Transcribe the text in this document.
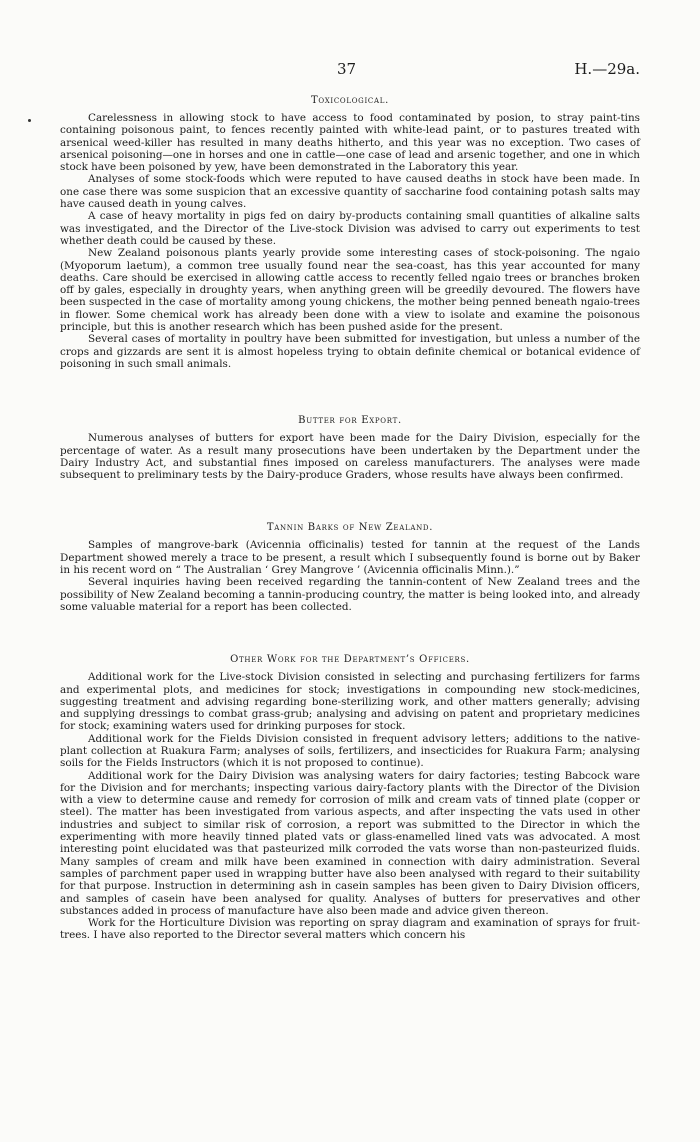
37	H.—29a.
Toxicological.

Carelessness in allowing stock to have access to food contaminated by posion, to stray paint-tins containing poisonous paint, to fences recently painted with white-lead paint, or to pastures treated with arsenical weed-killer has resulted in many deaths hitherto, and this year was no exception. Two cases of arsenical poisoning—one in horses and one in cattle—one case of lead and arsenic together, and one in which stock have been poisoned by yew, have been demonstrated in the Laboratory this year.

Analyses of some stock-foods which were reputed to have caused deaths in stock have been made. In one case there was some suspicion that an excessive quantity of saccharine food containing potash salts may have caused death in young calves.

A case of heavy mortality in pigs fed on dairy by-products containing small quantities of alkaline salts was investigated, and the Director of the Live-stock Division was advised to carry out experiments to test whether death could be caused by these.

New Zealand poisonous plants yearly provide some interesting cases of stock-poisoning. The ngaio (Myoporum laetum), a common tree usually found near the sea-coast, has this year accounted for many deaths. Care should be exercised in allowing cattle access to recently felled ngaio trees or branches broken off by gales, especially in droughty years, when anything green will be greedily devoured. The flowers have been suspected in the case of mortality among young chickens, the mother being penned beneath ngaio-trees in flower. Some chemical work has already been done with a view to isolate and examine the poisonous principle, but this is another research which has been pushed aside for the present.

Several cases of mortality in poultry have been submitted for investigation, but unless a number of the crops and gizzards are sent it is almost hopeless trying to obtain definite chemical or botanical evidence of poisoning in such small animals.

Butter for Export.

Numerous analyses of butters for export have been made for the Dairy Division, especially for the percentage of water. As a result many prosecutions have been undertaken by the Department under the Dairy Industry Act, and substantial fines imposed on careless manufacturers. The analyses were made subsequent to preliminary tests by the Dairy-produce Graders, whose results have always been confirmed.

Tannin Barks of New Zealand.

Samples of mangrove-bark (Avicennia officinalis) tested for tannin at the request of the Lands Department showed merely a trace to be present, a result which I subsequently found is borne out by Baker in his recent word on “ The Australian ‘ Grey Mangrove ’ (Avicennia officinalis Minn.).”

Several inquiries having been received regarding the tannin-content of New Zealand trees and the possibility of New Zealand becoming a tannin-producing country, the matter is being looked into, and already some valuable material for a report has been collected.

Other Work for the Department’s Officers.

Additional work for the Live-stock Division consisted in selecting and purchasing fertilizers for farms and experimental plots, and medicines for stock; investigations in compounding new stock-medicines, suggesting treatment and advising regarding bone-sterilizing work, and other matters generally; advising and supplying dressings to combat grass-grub; analysing and advising on patent and proprietary medicines for stock; examining waters used for drinking purposes for stock.

Additional work for the Fields Division consisted in frequent advisory letters; additions to the native-plant collection at Ruakura Farm; analyses of soils, fertilizers, and insecticides for Ruakura Farm; analysing soils for the Fields Instructors (which it is not proposed to continue).

Additional work for the Dairy Division was analysing waters for dairy factories; testing Babcock ware for the Division and for merchants; inspecting various dairy-factory plants with the Director of the Division with a view to determine cause and remedy for corrosion of milk and cream vats of tinned plate (copper or steel). The matter has been investigated from various aspects, and after inspecting the vats used in other industries and subject to similar risk of corrosion, a report was submitted to the Director in which the experimenting with more heavily tinned plated vats or glass-enamelled lined vats was advocated. A most interesting point elucidated was that pasteurized milk corroded the vats worse than non-pasteurized fluids. Many samples of cream and milk have been examined in connection with dairy administration. Several samples of parchment paper used in wrapping butter have also been analysed with regard to their suitability for that purpose. Instruction in determining ash in casein samples has been given to Dairy Division officers, and samples of casein have been analysed for quality. Analyses of butters for preservatives and other substances added in process of manufacture have also been made and advice given thereon.

Work for the Horticulture Division was reporting on spray diagram and examination of sprays for fruit-trees. I have also reported to the Director several matters which concern his
